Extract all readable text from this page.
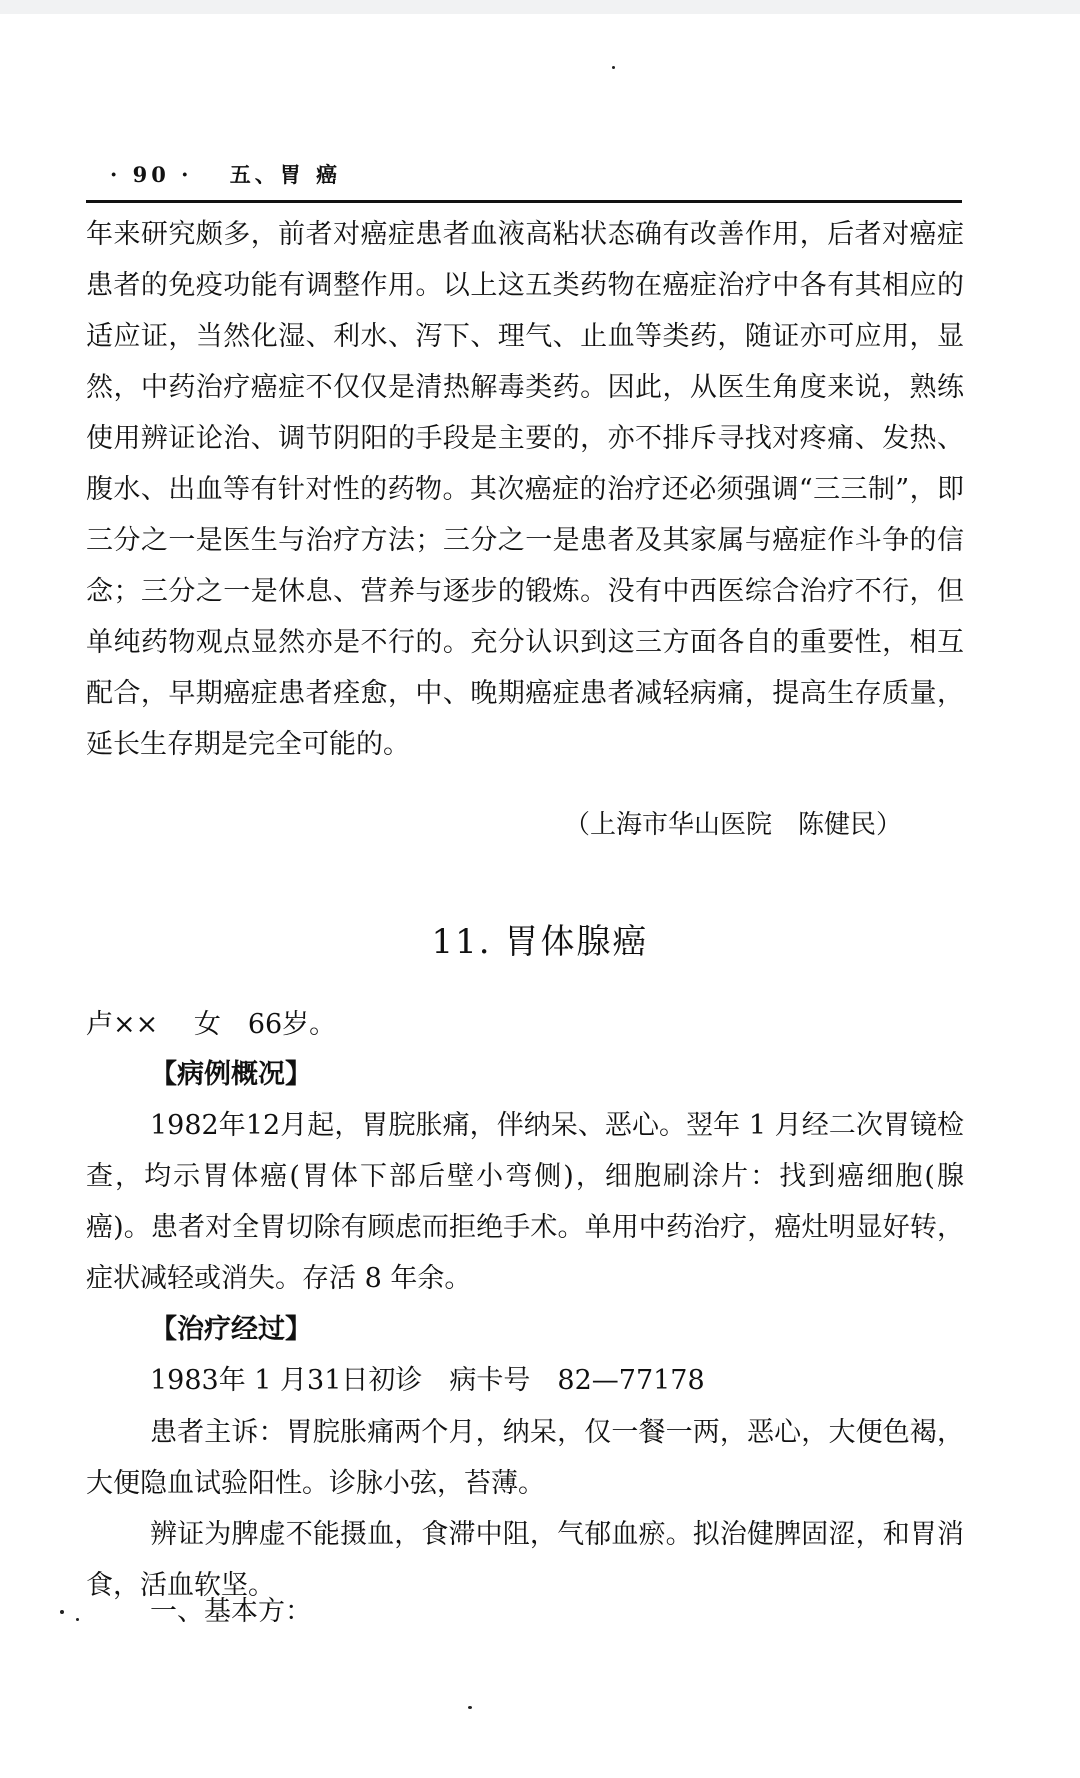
· 90 · 五、胃 癌

年来研究颇多，前者对癌症患者血液高粘状态确有改善作用，后者对癌症患者的免疫功能有调整作用。以上这五类药物在癌症治疗中各有其相应的适应证，当然化湿、利水、泻下、理气、止血等类药，随证亦可应用，显然，中药治疗癌症不仅仅是清热解毒类药。因此，从医生角度来说，熟练使用辨证论治、调节阴阳的手段是主要的，亦不排斥寻找对疼痛、发热、腹水、出血等有针对性的药物。其次癌症的治疗还必须强调“三三制”，即三分之一是医生与治疗方法；三分之一是患者及其家属与癌症作斗争的信念；三分之一是休息、营养与逐步的锻炼。没有中西医综合治疗不行，但单纯药物观点显然亦是不行的。充分认识到这三方面各自的重要性，相互配合，早期癌症患者痊愈，中、晚期癌症患者减轻病痛，提高生存质量，延长生存期是完全可能的。

（上海市华山医院　陈健民）
11. 胃体腺癌

卢×× 　女　66岁。

【病例概况】

1982年12月起，胃脘胀痛，伴纳呆、恶心。翌年 1 月经二次胃镜检查，均示胃体癌(胃体下部后壁小弯侧)，细胞刷涂片：找到癌细胞(腺癌)。患者对全胃切除有顾虑而拒绝手术。单用中药治疗，癌灶明显好转，症状减轻或消失。存活 8 年余。

【治疗经过】

1983年 1 月31日初诊　病卡号　82—77178

患者主诉：胃脘胀痛两个月，纳呆，仅一餐一两，恶心，大便色褐，大便隐血试验阳性。诊脉小弦，苔薄。

辨证为脾虚不能摄血，食滞中阻，气郁血瘀。拟治健脾固涩，和胃消食，活血软坚。

一、基本方：
